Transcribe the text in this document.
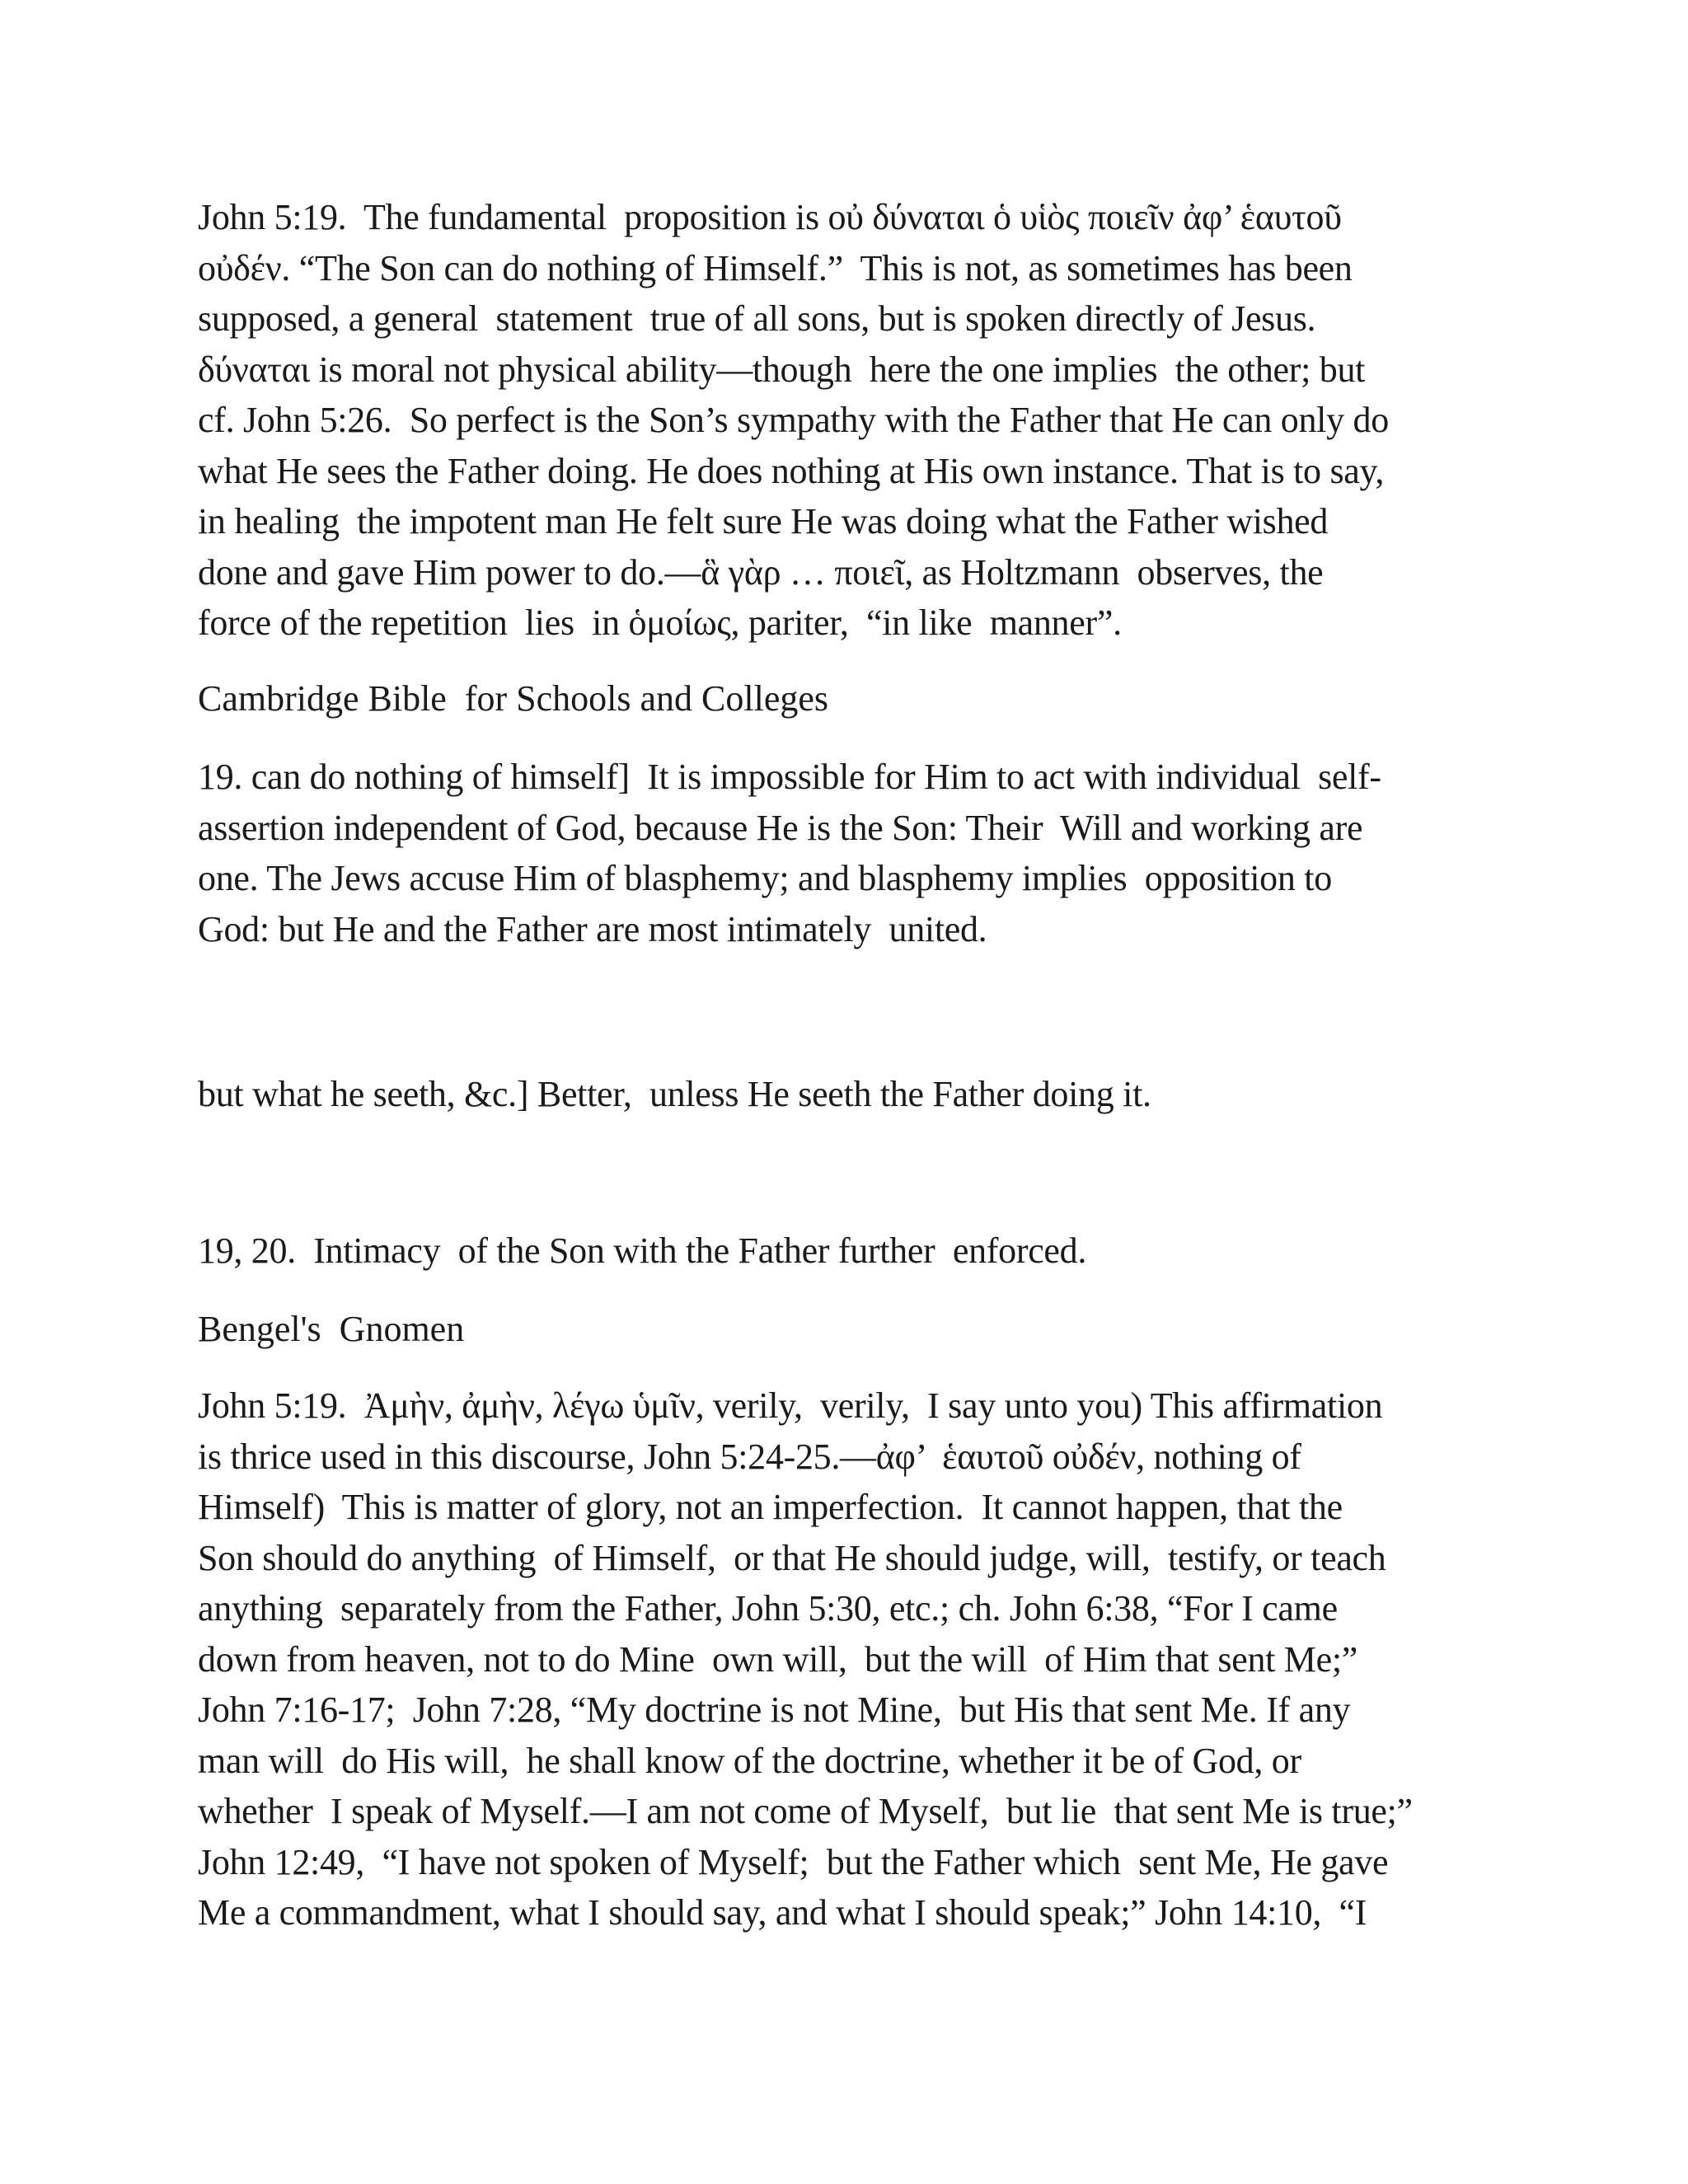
John 5:19.  The fundamental  proposition is οὐ δύναται ὁ υἱὸς ποιεῖν ἀφ’ ἑαυτοῦ
οὐδέν. “The Son can do nothing of Himself.”  This is not, as sometimes has been
supposed, a general  statement  true of all sons, but is spoken directly of Jesus.
δύναται is moral not physical ability—though  here the one implies  the other; but
cf. John 5:26.  So perfect is the Son’s sympathy with the Father that He can only do
what He sees the Father doing. He does nothing at His own instance. That is to say,
in healing  the impotent man He felt sure He was doing what the Father wished
done and gave Him power to do.—ἃ γὰρ … ποιεῖ, as Holtzmann  observes, the
force of the repetition  lies  in ὁμοίως, pariter,  “in like  manner”.
Cambridge Bible  for Schools and Colleges
19. can do nothing of himself]  It is impossible for Him to act with individual  self-
assertion independent of God, because He is the Son: Their  Will and working are
one. The Jews accuse Him of blasphemy; and blasphemy implies  opposition to
God: but He and the Father are most intimately  united.
but what he seeth, &c.] Better,  unless He seeth the Father doing it.
19, 20.  Intimacy  of the Son with the Father further  enforced.
Bengel's  Gnomen
John 5:19.  Ἀμὴν, ἀμὴν, λέγω ὑμῖν, verily,  verily,  I say unto you) This affirmation
is thrice used in this discourse, John 5:24-25.—ἀφ’  ἑαυτοῦ οὐδέν, nothing of
Himself)  This is matter of glory, not an imperfection.  It cannot happen, that the
Son should do anything  of Himself,  or that He should judge, will,  testify, or teach
anything  separately from the Father, John 5:30, etc.; ch. John 6:38, “For I came
down from heaven, not to do Mine  own will,  but the will  of Him that sent Me;”
John 7:16-17;  John 7:28, “My doctrine is not Mine,  but His that sent Me. If any
man will  do His will,  he shall know of the doctrine, whether it be of God, or
whether  I speak of Myself.—I am not come of Myself,  but lie  that sent Me is true;”
John 12:49,  “I have not spoken of Myself;  but the Father which  sent Me, He gave
Me a commandment, what I should say, and what I should speak;” John 14:10,  “I
